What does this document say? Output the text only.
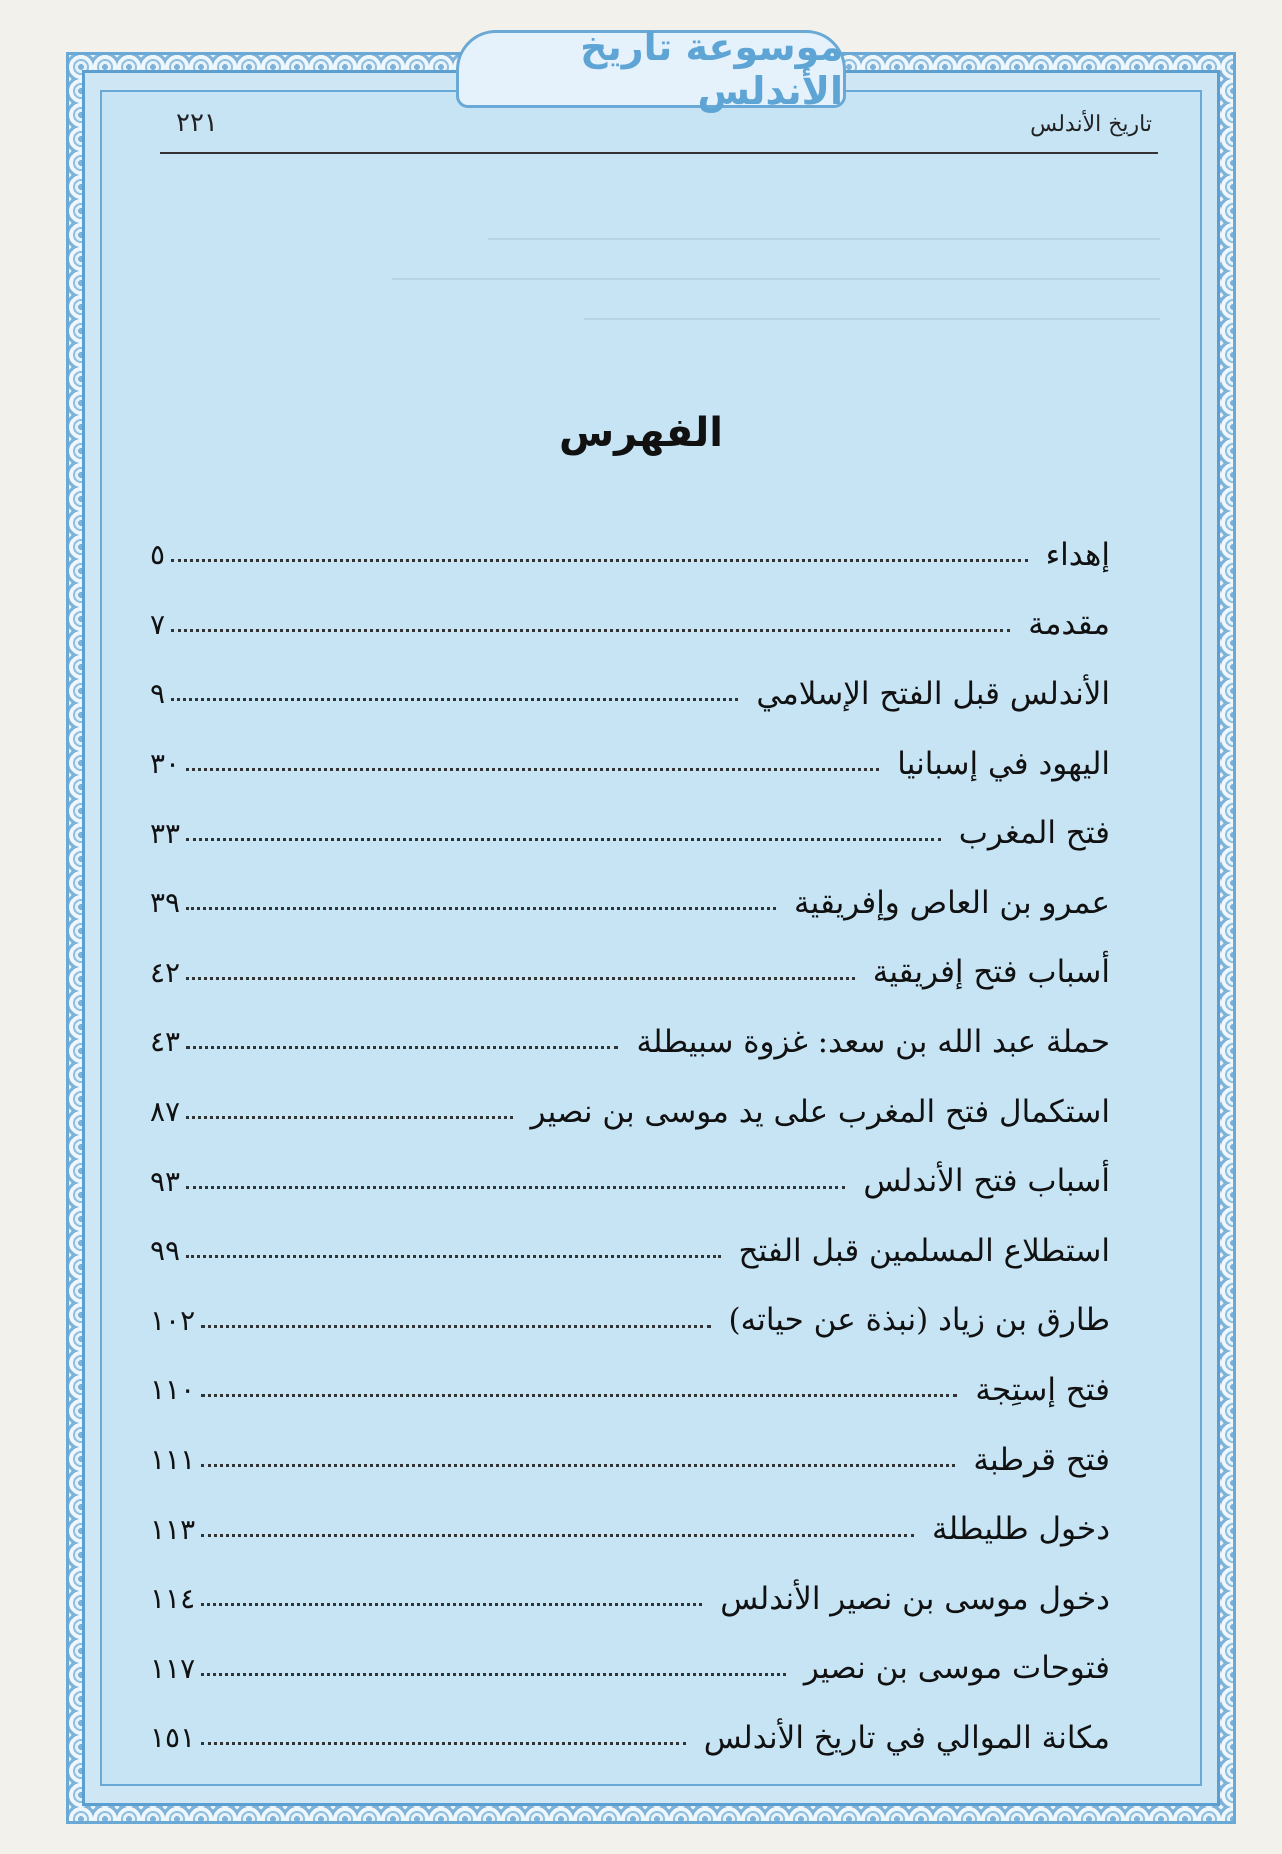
موسوعة تاريخ الأندلس
تاريخ الأندلس
٢٢١
الفهرس
إهداء
٥
مقدمة
٧
الأندلس قبل الفتح الإسلامي
٩
اليهود في إسبانيا
٣٠
فتح المغرب
٣٣
عمرو بن العاص وإفريقية
٣٩
أسباب فتح إفريقية
٤٢
حملة عبد الله بن سعد: غزوة سبيطلة
٤٣
استكمال فتح المغرب على يد موسى بن نصير
٨٧
أسباب فتح الأندلس
٩٣
استطلاع المسلمين قبل الفتح
٩٩
طارق بن زياد (نبذة عن حياته)
١٠٢
فتح إستِجة
١١٠
فتح قرطبة
١١١
دخول طليطلة
١١٣
دخول موسى بن نصير الأندلس
١١٤
فتوحات موسى بن نصير
١١٧
مكانة الموالي في تاريخ الأندلس
١٥١
